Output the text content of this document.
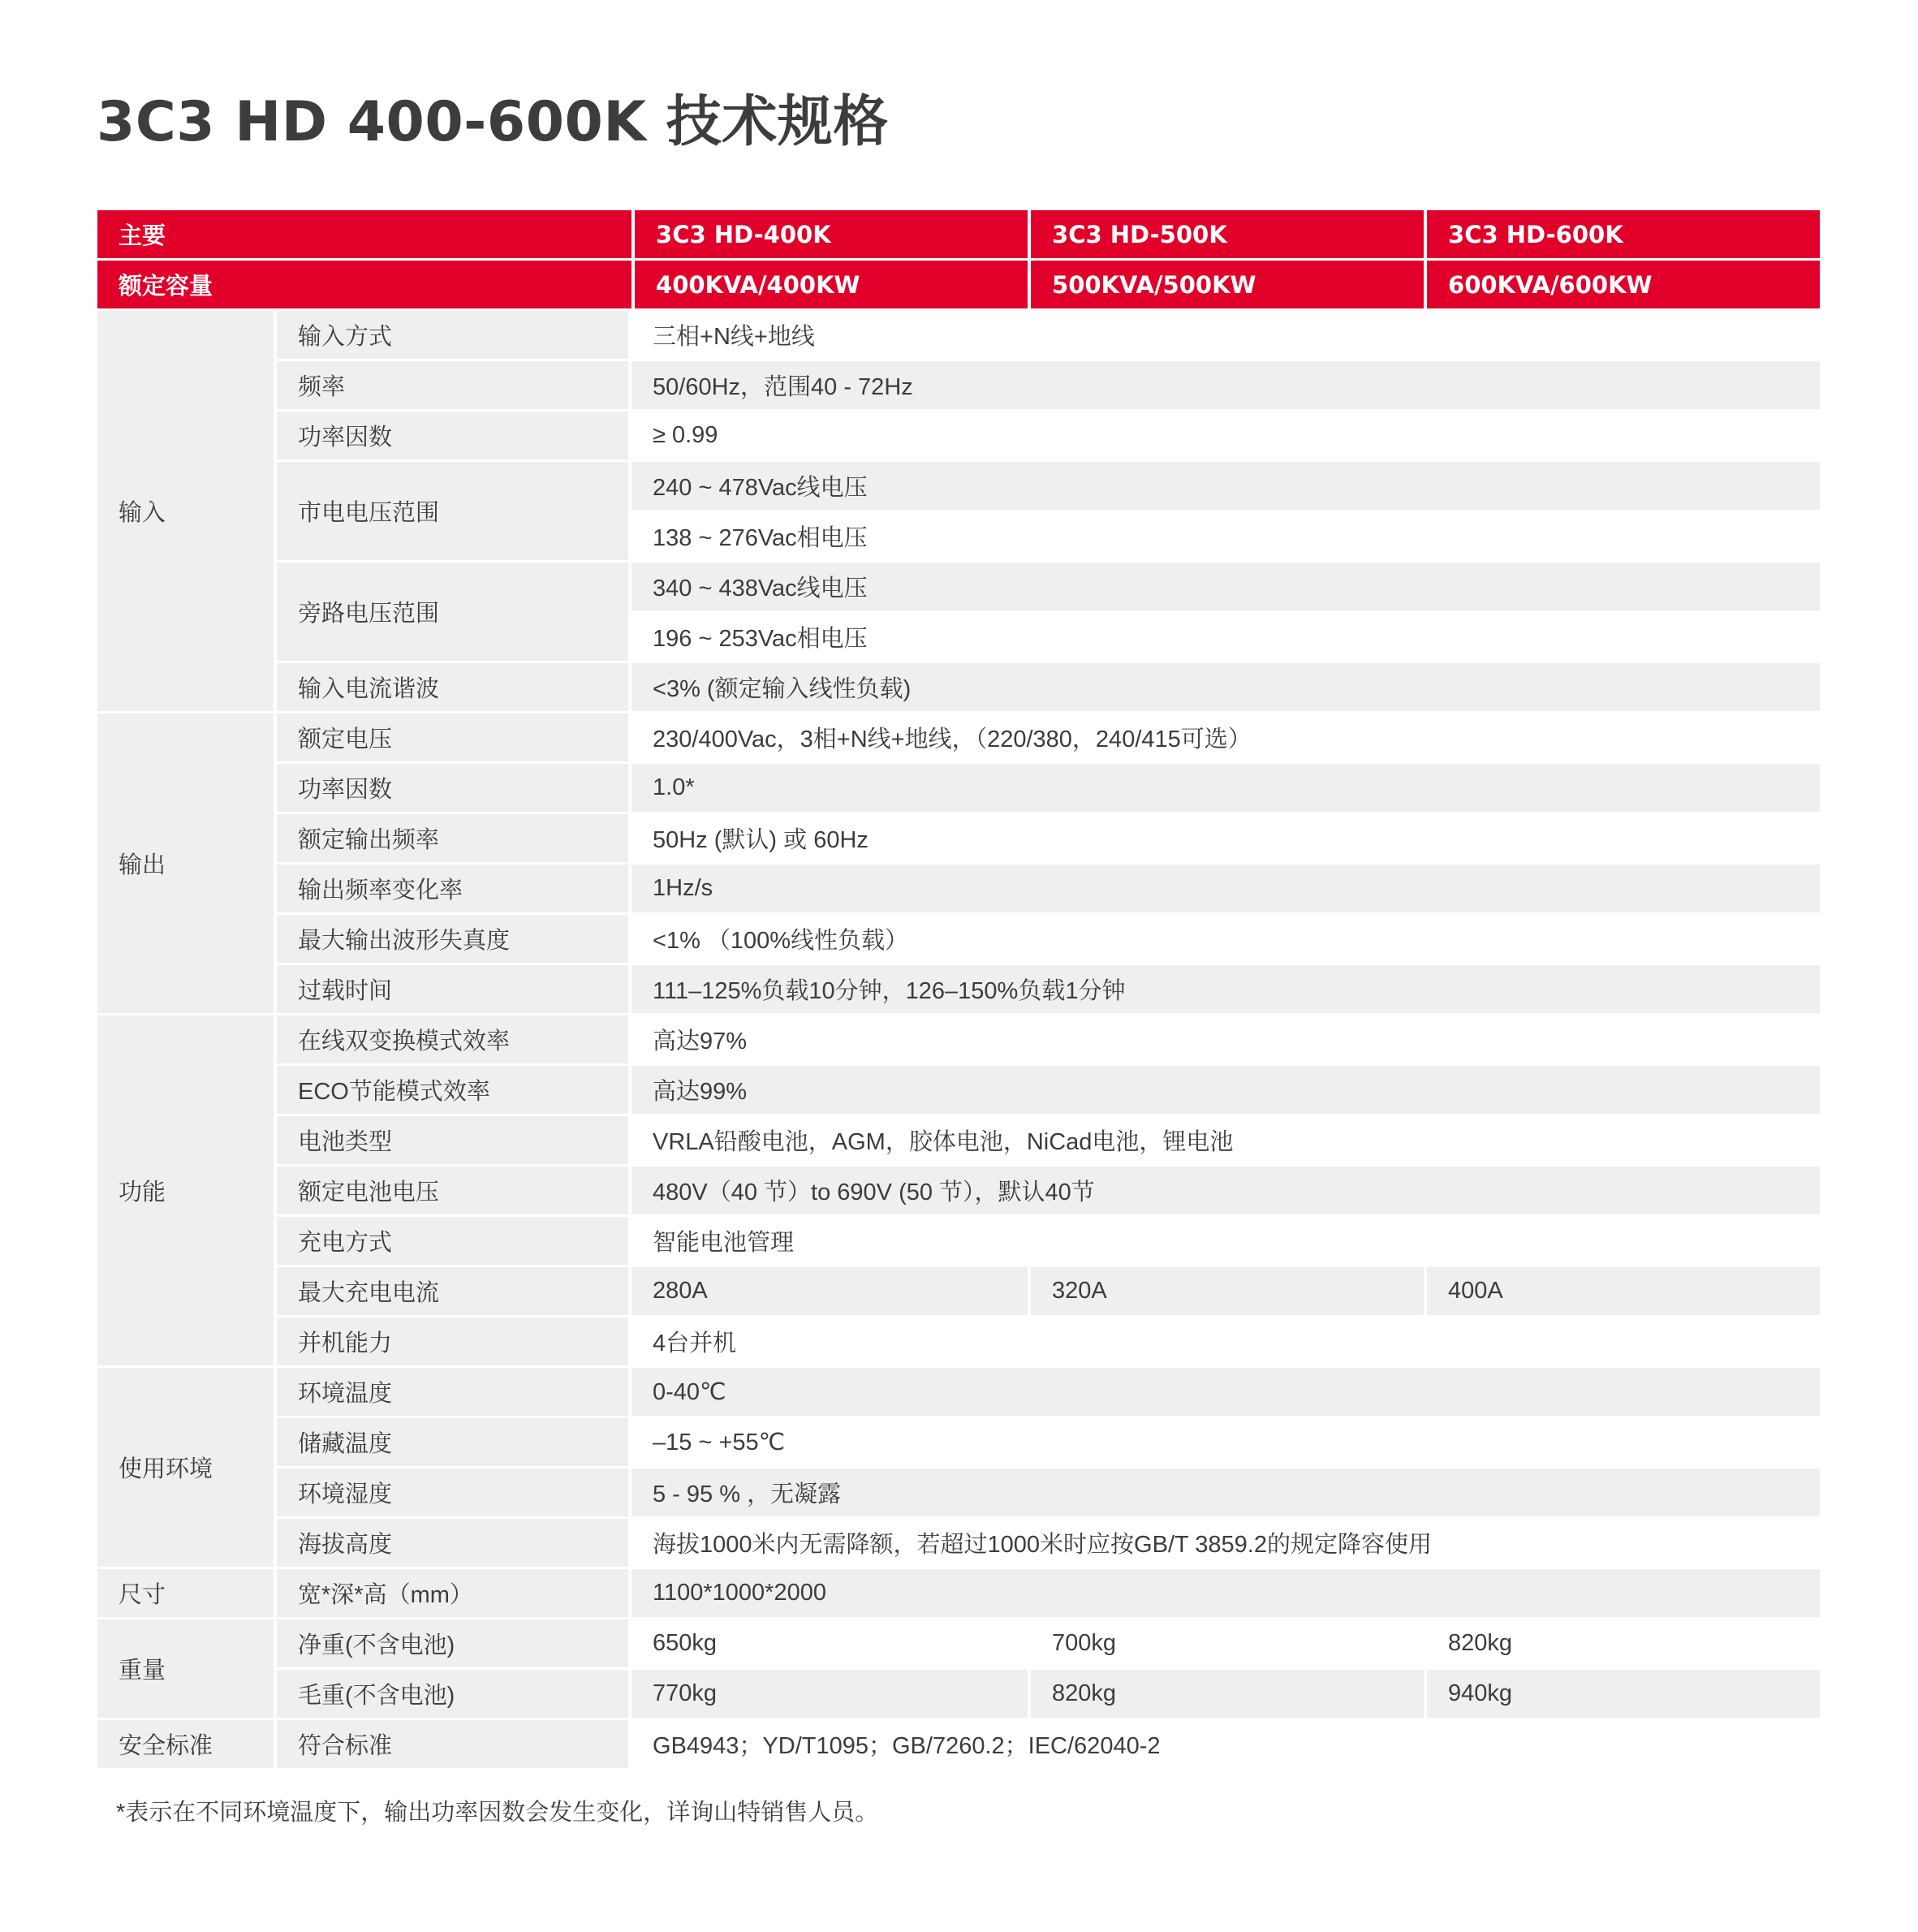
3C3 HD 400-600K 技术规格
主要		3C3 HD-400K	3C3 HD-500K	3C3 HD-600K
额定容量		400KVA/400KW	500KVA/500KW	600KVA/600KW
输入	输入方式	三相+N线+地线		
	频率	50/60Hz，范围40 - 72Hz		
	功率因数	≥ 0.99		
	市电电压范围	240 ~ 478Vac线电压		
		138 ~ 276Vac相电压		
	旁路电压范围	340 ~ 438Vac线电压		
		196 ~ 253Vac相电压		
	输入电流谐波	<3% (额定输入线性负载)		
输出	额定电压	230/400Vac，3相+N线+地线，（220/380，240/415可选）		
	功率因数	1.0*		
	额定输出频率	50Hz (默认) 或 60Hz		
	输出频率变化率	1Hz/s		
	最大输出波形失真度	<1% （100%线性负载）		
	过载时间	111–125%负载10分钟，126–150%负载1分钟		
功能	在线双变换模式效率	高达97%		
	ECO节能模式效率	高达99%		
	电池类型	VRLA铅酸电池，AGM，胶体电池，NiCad电池，锂电池		
	额定电池电压	480V（40 节）to 690V (50 节），默认40节		
	充电方式	智能电池管理		
	最大充电电流	280A	320A	400A
	并机能力	4台并机		
使用环境	环境温度	0-40℃		
	储藏温度	–15 ~ +55℃		
	环境湿度	5 - 95 % ，无凝露		
	海拔高度	海拔1000米内无需降额，若超过1000米时应按GB/T 3859.2的规定降容使用		
尺寸	宽*深*高（mm）	1100*1000*2000		
重量	净重(不含电池)	650kg	700kg	820kg
	毛重(不含电池)	770kg	820kg	940kg
安全标准	符合标准	GB4943；YD/T1095；GB/7260.2；IEC/62040-2		

*表示在不同环境温度下，输出功率因数会发生变化，详询山特销售人员。
